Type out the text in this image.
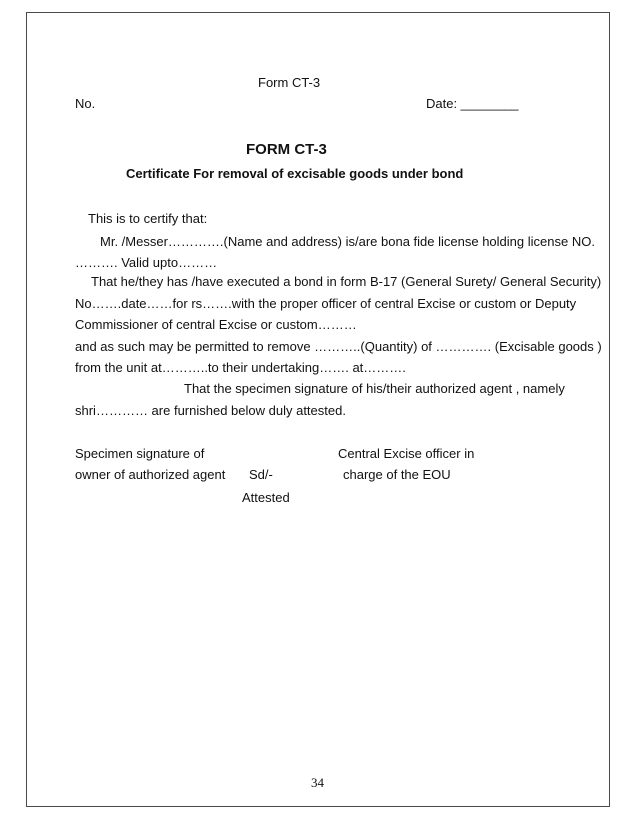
Form CT-3
No.	Date: ________
FORM CT-3
Certificate For removal of excisable goods under bond
This is to certify that:
Mr. /Messer………….(Name and address) is/are bona fide license holding license NO.
………. Valid upto………
That he/they has /have executed a bond in form B-17 (General Surety/ General Security)
No…….date……for rs…….with the proper officer of central Excise or custom or Deputy
Commissioner of central Excise or custom………
and as such may be permitted to remove ………..(Quantity) of …………. (Excisable goods )
from the unit at………..to their undertaking……. at……….
That the specimen signature of his/their authorized agent , namely
shri………… are furnished below duly attested.
Specimen signature of
owner of authorized agent Sd/-
Attested
Central Excise officer in
charge of the EOU
34
